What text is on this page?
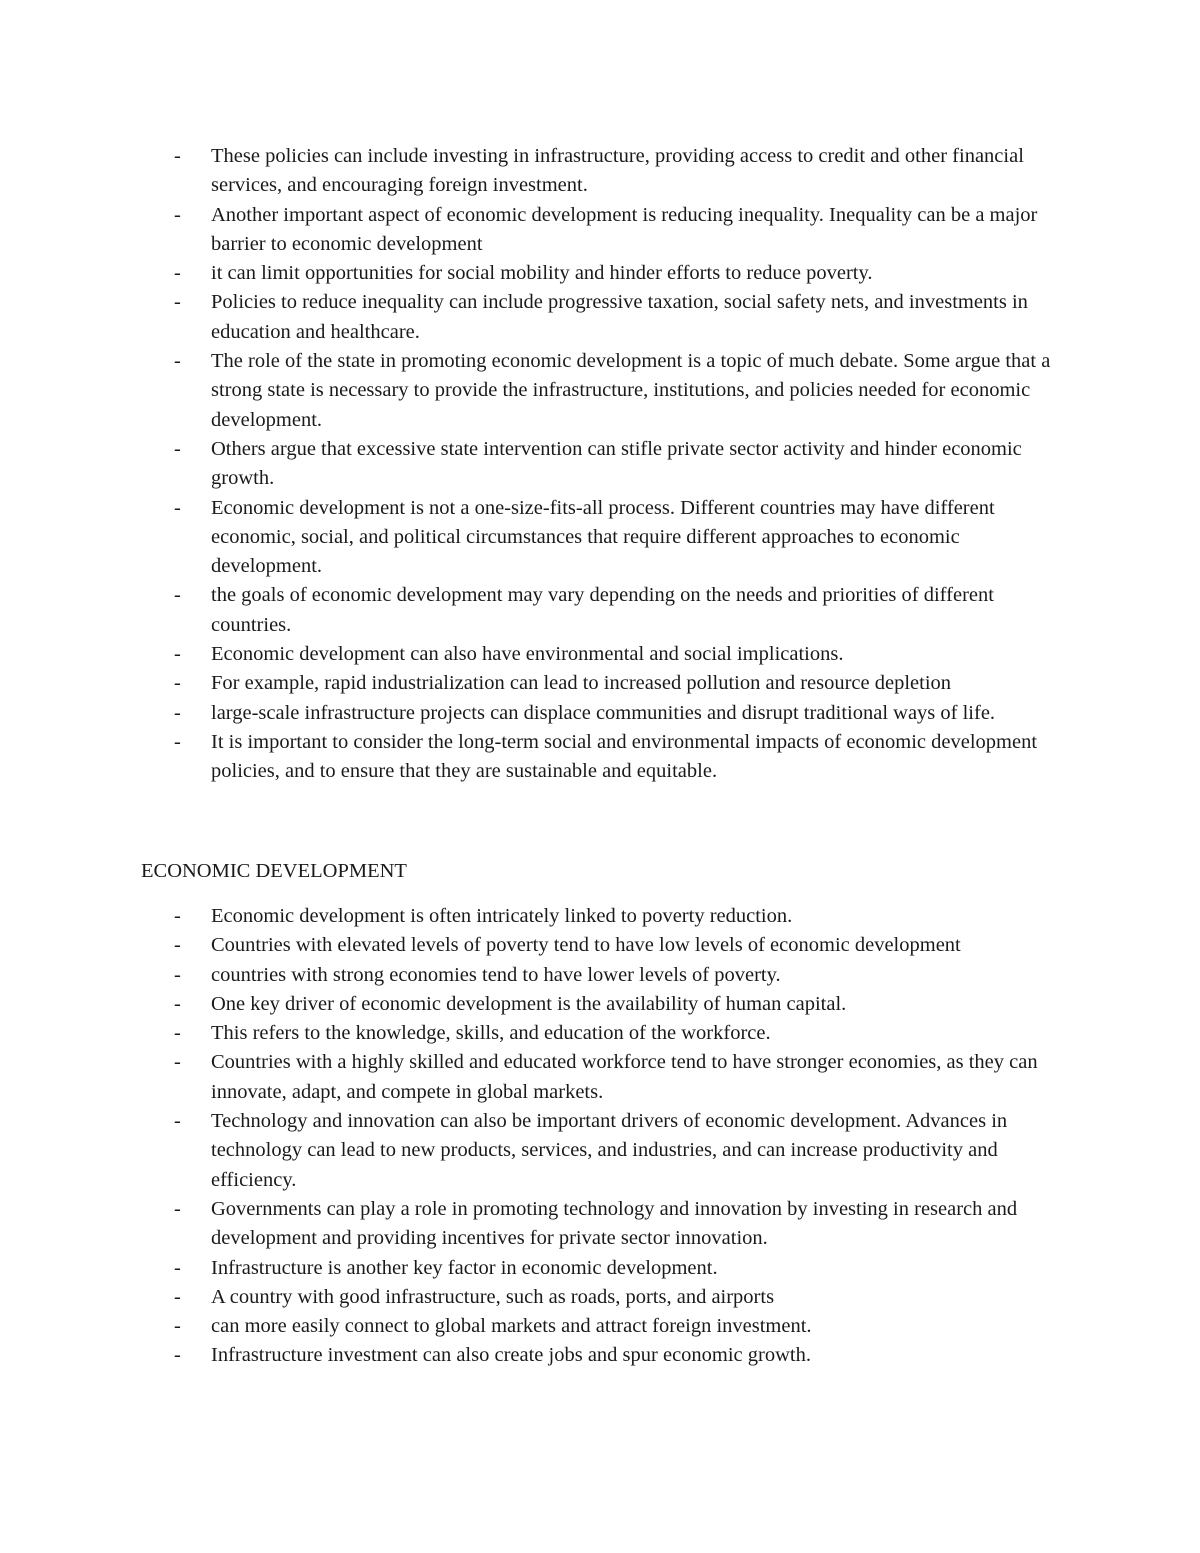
-	These policies can include investing in infrastructure, providing access to credit and other financial services, and encouraging foreign investment.
-	Another important aspect of economic development is reducing inequality. Inequality can be a major barrier to economic development
-	it can limit opportunities for social mobility and hinder efforts to reduce poverty.
-	Policies to reduce inequality can include progressive taxation, social safety nets, and investments in education and healthcare.
-	The role of the state in promoting economic development is a topic of much debate. Some argue that a strong state is necessary to provide the infrastructure, institutions, and policies needed for economic development.
-	Others argue that excessive state intervention can stifle private sector activity and hinder economic growth.
-	Economic development is not a one-size-fits-all process. Different countries may have different economic, social, and political circumstances that require different approaches to economic development.
-	the goals of economic development may vary depending on the needs and priorities of different countries.
-	Economic development can also have environmental and social implications.
-	For example, rapid industrialization can lead to increased pollution and resource depletion
-	large-scale infrastructure projects can displace communities and disrupt traditional ways of life.
-	It is important to consider the long-term social and environmental impacts of economic development policies, and to ensure that they are sustainable and equitable.
ECONOMIC DEVELOPMENT
-	Economic development is often intricately linked to poverty reduction.
-	Countries with elevated levels of poverty tend to have low levels of economic development
-	countries with strong economies tend to have lower levels of poverty.
-	One key driver of economic development is the availability of human capital.
-	This refers to the knowledge, skills, and education of the workforce.
-	Countries with a highly skilled and educated workforce tend to have stronger economies, as they can innovate, adapt, and compete in global markets.
-	Technology and innovation can also be important drivers of economic development. Advances in technology can lead to new products, services, and industries, and can increase productivity and efficiency.
-	Governments can play a role in promoting technology and innovation by investing in research and development and providing incentives for private sector innovation.
-	Infrastructure is another key factor in economic development.
-	A country with good infrastructure, such as roads, ports, and airports
-	can more easily connect to global markets and attract foreign investment.
-	Infrastructure investment can also create jobs and spur economic growth.
